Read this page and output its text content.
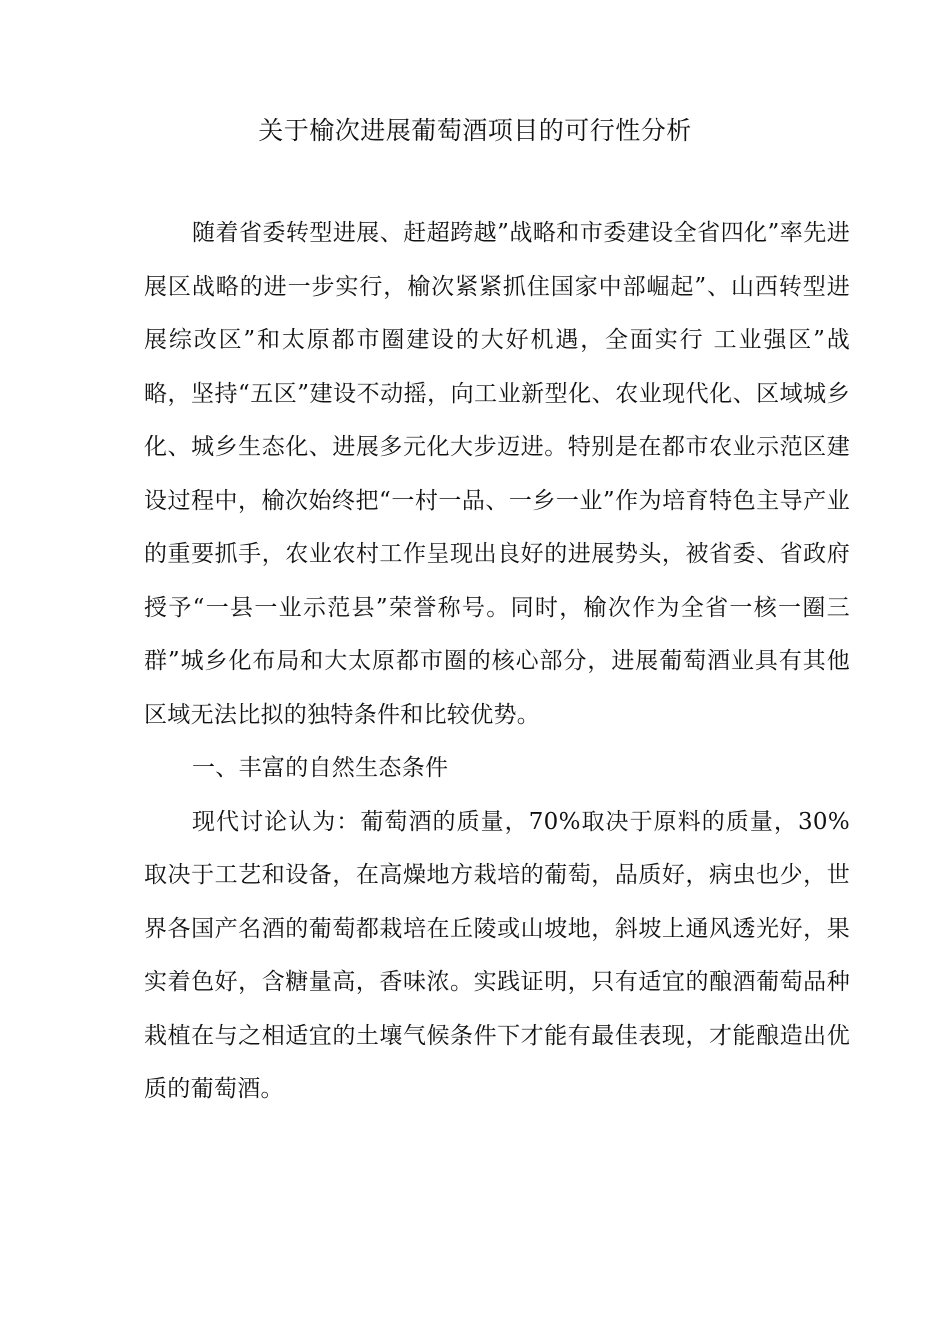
关于榆次进展葡萄酒项目的可行性分析

随着省委转型进展、赶超跨越”战略和市委建设全省四化”率先进展区战略的进一步实行，榆次紧紧抓住国家中部崛起”、山西转型进展综改区”和太原都市圈建设的大好机遇，全面实行 工业强区”战略，坚持“五区”建设不动摇，向工业新型化、农业现代化、区域城乡化、城乡生态化、进展多元化大步迈进。特别是在都市农业示范区建设过程中，榆次始终把“一村一品、一乡一业”作为培育特色主导产业的重要抓手，农业农村工作呈现出良好的进展势头，被省委、省政府授予“一县一业示范县”荣誉称号。同时，榆次作为全省一核一圈三群”城乡化布局和大太原都市圈的核心部分，进展葡萄酒业具有其他区域无法比拟的独特条件和比较优势。

一、丰富的自然生态条件

现代讨论认为：葡萄酒的质量，70%取决于原料的质量，30%取决于工艺和设备，在高燥地方栽培的葡萄，品质好，病虫也少，世界各国产名酒的葡萄都栽培在丘陵或山坡地，斜坡上通风透光好，果实着色好，含糖量高，香味浓。实践证明，只有适宜的酿酒葡萄品种栽植在与之相适宜的土壤气候条件下才能有最佳表现，才能酿造出优质的葡萄酒。
